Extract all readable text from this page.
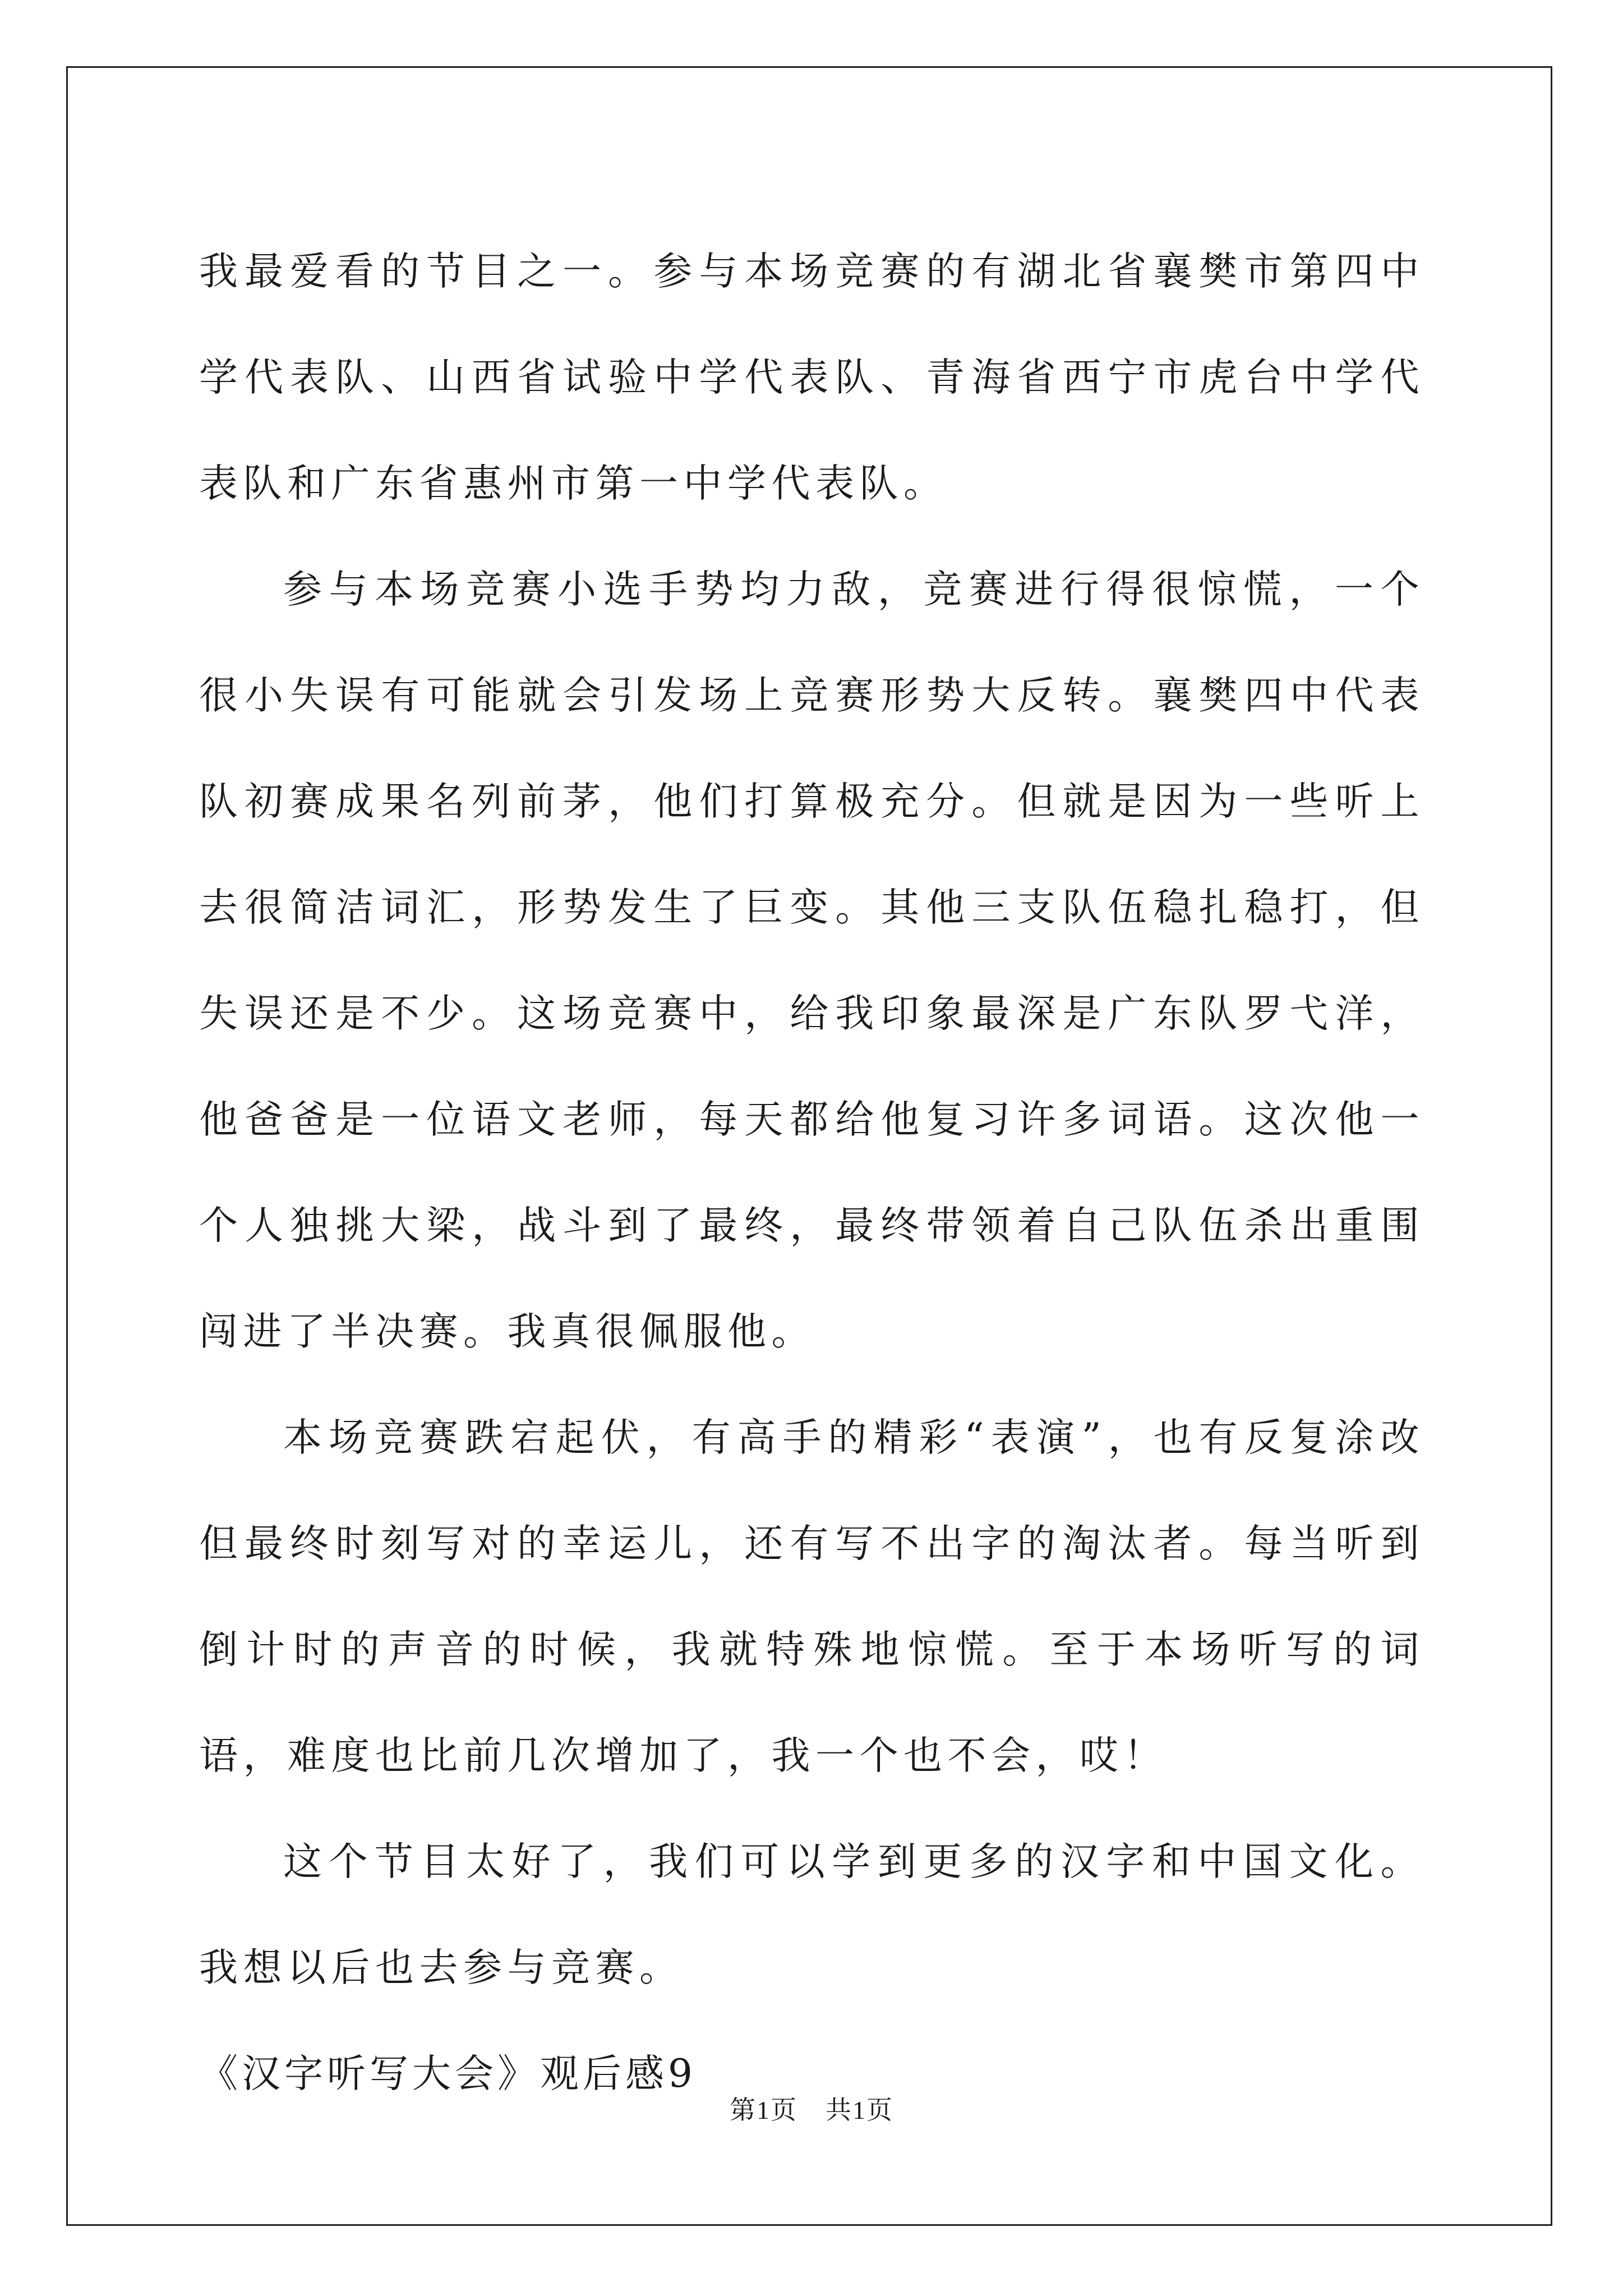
我最爱看的节目之一。参与本场竞赛的有湖北省襄樊市第四中学代表队、山西省试验中学代表队、青海省西宁市虎台中学代表队和广东省惠州市第一中学代表队。

参与本场竞赛小选手势均力敌，竞赛进行得很惊慌，一个很小失误有可能就会引发场上竞赛形势大反转。襄樊四中代表队初赛成果名列前茅，他们打算极充分。但就是因为一些听上去很简洁词汇，形势发生了巨变。其他三支队伍稳扎稳打，但失误还是不少。这场竞赛中，给我印象最深是广东队罗弋洋，他爸爸是一位语文老师，每天都给他复习许多词语。这次他一个人独挑大梁，战斗到了最终，最终带领着自己队伍杀出重围闯进了半决赛。我真很佩服他。

本场竞赛跌宕起伏，有高手的精彩“表演”，也有反复涂改但最终时刻写对的幸运儿，还有写不出字的淘汰者。每当听到倒计时的声音的时候，我就特殊地惊慌。至于本场听写的词语，难度也比前几次增加了，我一个也不会，哎！

这个节目太好了，我们可以学到更多的汉字和中国文化。我想以后也去参与竞赛。

《汉字听写大会》观后感9

第1页 共1页
